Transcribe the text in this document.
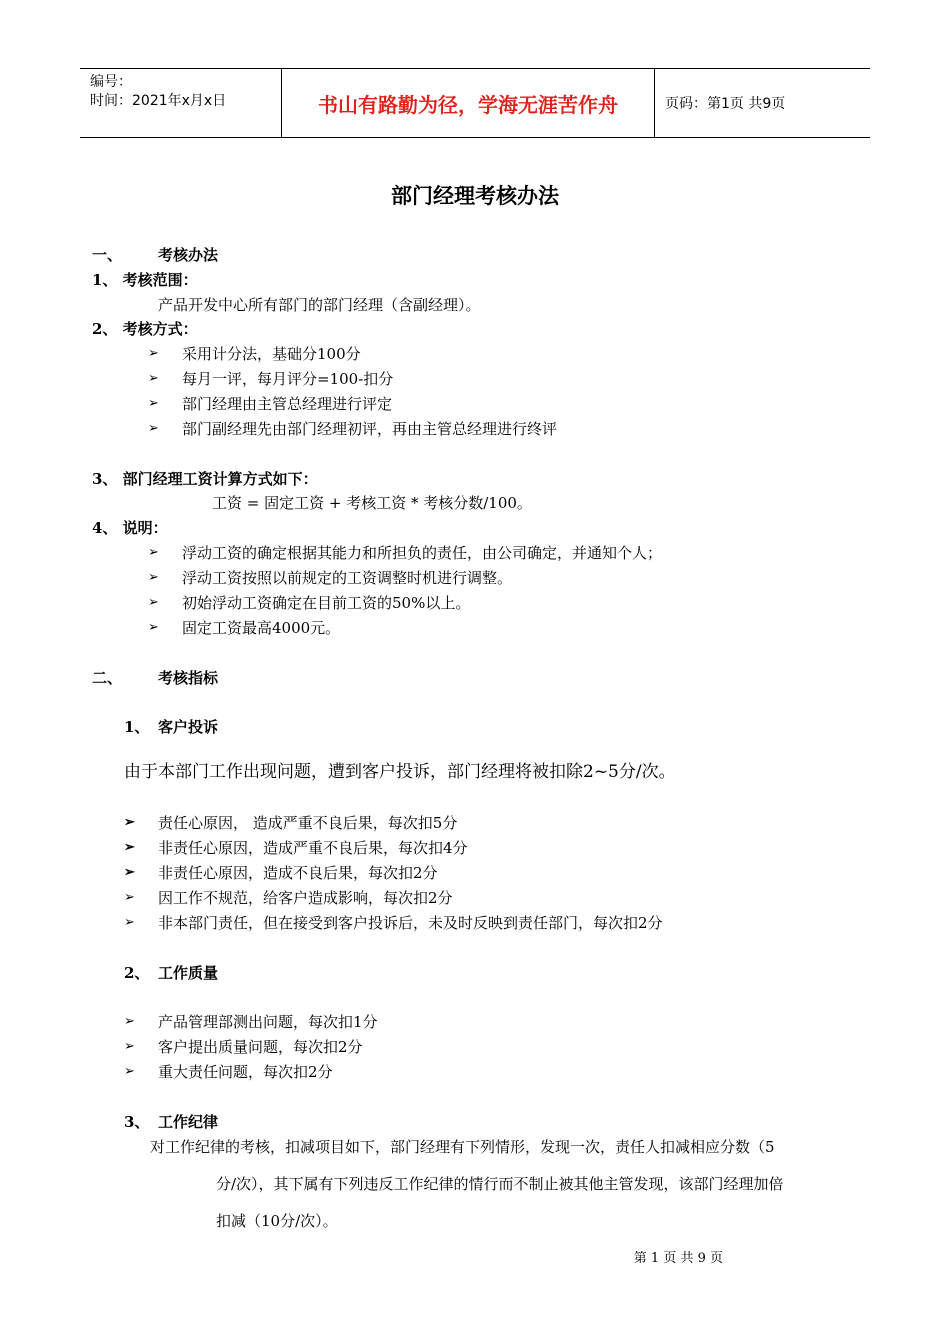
编号：
时间：2021年x月x日	书山有路勤为径，学海无涯苦作舟	页码：第1页 共9页
部门经理考核办法
一、 考核办法
1、 考核范围：
产品开发中心所有部门的部门经理（含副经理）。
2、 考核方式：
➢ 采用计分法，基础分100分
➢ 每月一评，每月评分=100-扣分
➢ 部门经理由主管总经理进行评定
➢ 部门副经理先由部门经理初评，再由主管总经理进行终评
3、 部门经理工资计算方式如下：
工资 = 固定工资 + 考核工资 * 考核分数/100。
4、 说明：
➢ 浮动工资的确定根据其能力和所担负的责任，由公司确定，并通知个人；
➢ 浮动工资按照以前规定的工资调整时机进行调整。
➢ 初始浮动工资确定在目前工资的50%以上。
➢ 固定工资最高4000元。
二、 考核指标
1、 客户投诉
由于本部门工作出现问题，遭到客户投诉，部门经理将被扣除2~5分/次。
➢ 责任心原因， 造成严重不良后果，每次扣5分
➢ 非责任心原因，造成严重不良后果，每次扣4分
➢ 非责任心原因，造成不良后果，每次扣2分
➢ 因工作不规范，给客户造成影响，每次扣2分
➢ 非本部门责任，但在接受到客户投诉后，未及时反映到责任部门，每次扣2分
2、 工作质量
➢ 产品管理部测出问题，每次扣1分
➢ 客户提出质量问题，每次扣2分
➢ 重大责任问题，每次扣2分
3、 工作纪律
对工作纪律的考核，扣减项目如下，部门经理有下列情形，发现一次，责任人扣减相应分数（5
分/次），其下属有下列违反工作纪律的情行而不制止被其他主管发现，该部门经理加倍
扣减（10分/次）。
第 1 页 共 9 页
